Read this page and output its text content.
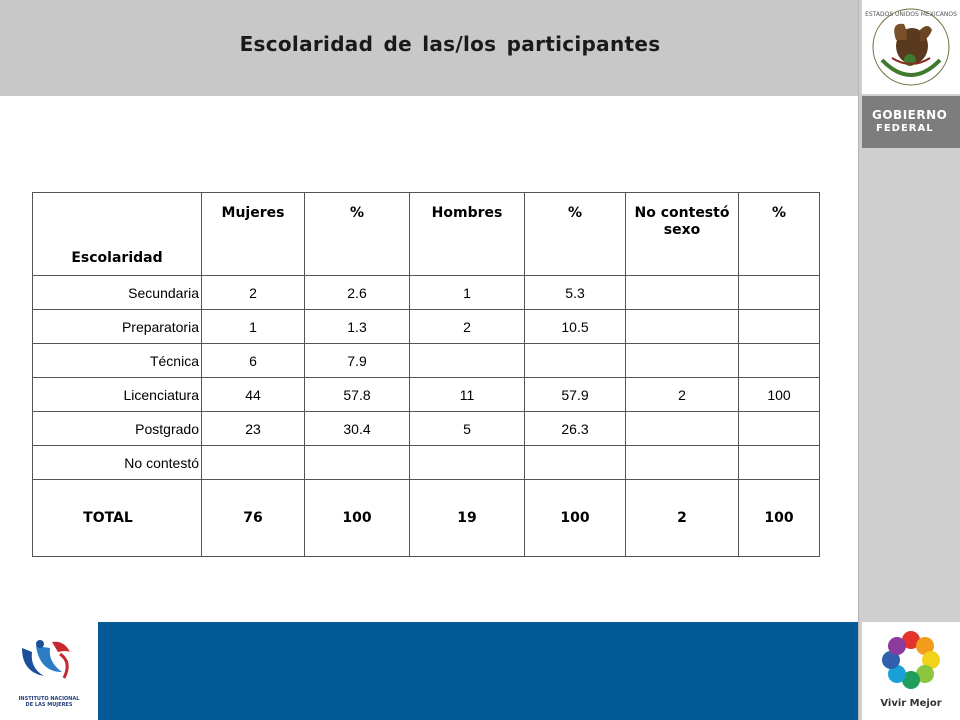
Escolaridad de las/los participantes
ESTADOS UNIDOS MEXICANOS
GOBIERNO
FEDERAL
Escolaridad	Mujeres	%	Hombres	%	No contestó sexo	%
Secundaria	2	2.6	1	5.3		
Preparatoria	1	1.3	2	10.5		
Técnica	6	7.9				
Licenciatura	44	57.8	11	57.9	2	100
Postgrado	23	30.4	5	26.3		
No contestó						
TOTAL	76	100	19	100	2	100
INSTITUTO NACIONAL DE LAS MUJERES	Vivir Mejor
